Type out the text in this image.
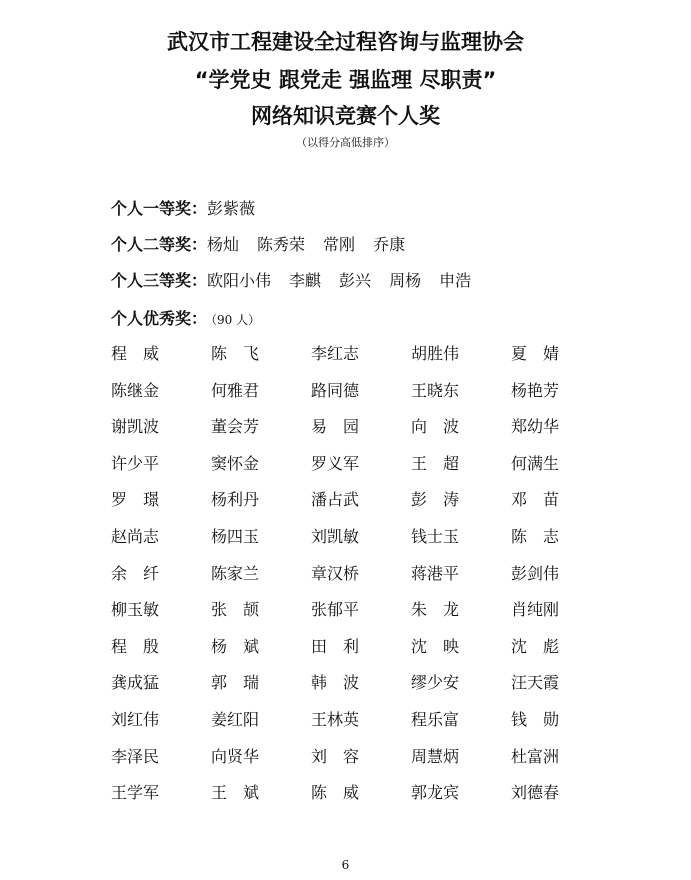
武汉市工程建设全过程咨询与监理协会
“学党史 跟党走 强监理 尽职责”
网络知识竞赛个人奖
（以得分高低排序）
个人一等奖：彭紫薇
个人二等奖：杨灿 陈秀荣 常刚 乔康
个人三等奖：欧阳小伟 李麒 彭兴 周杨 申浩
个人优秀奖： （90 人）
程威	陈飞	李红志	胡胜伟	夏婧
陈继金	何雅君	路同德	王晓东	杨艳芳
谢凯波	董会芳	易园	向波	郑幼华
许少平	窦怀金	罗义军	王超	何满生
罗璟	杨利丹	潘占武	彭涛	邓苗
赵尚志	杨四玉	刘凯敏	钱士玉	陈志
余纤	陈家兰	章汉桥	蒋港平	彭剑伟
柳玉敏	张颉	张郁平	朱龙	肖纯刚
程殷	杨斌	田利	沈映	沈彪
龚成猛	郭瑞	韩波	缪少安	汪天霞
刘红伟	姜红阳	王林英	程乐富	钱勋
李泽民	向贤华	刘容	周慧炳	杜富洲
王学军	王斌	陈威	郭龙宾	刘德春
6
